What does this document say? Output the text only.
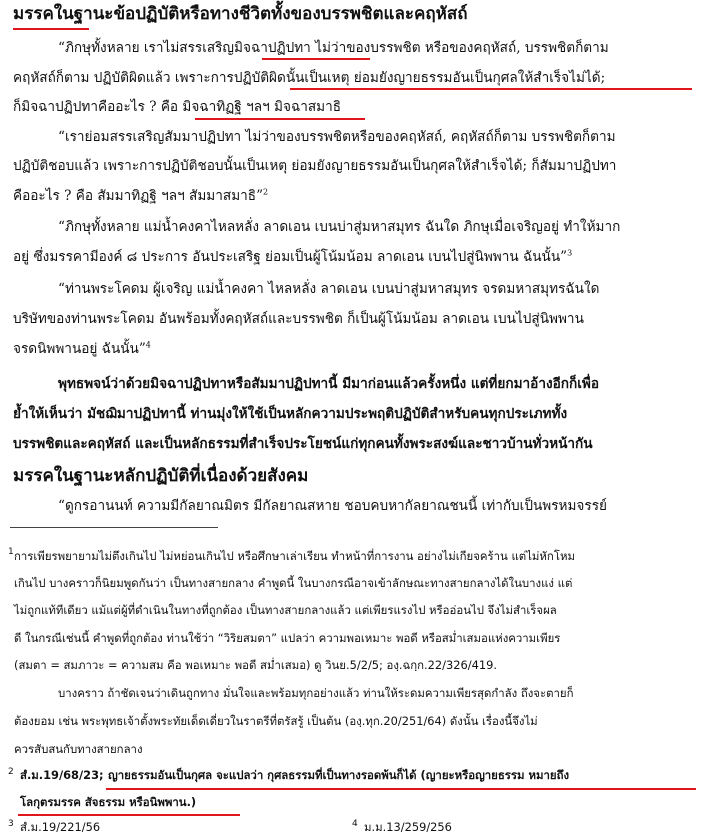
มรรคในฐานะข้อปฏิบัติหรือทางชีวิตทั้งของบรรพชิตและคฤหัสถ์
“ภิกษุทั้งหลาย เราไม่สรรเสริญมิจฉาปฏิปทา ไม่ว่าของบรรพชิต หรือของคฤหัสถ์, บรรพชิตก็ตาม
คฤหัสถ์ก็ตาม ปฏิบัติผิดแล้ว เพราะการปฏิบัติผิดนั้นเป็นเหตุ ย่อมยังญายธรรมอันเป็นกุศลให้สำเร็จไม่ได้;
ก็มิจฉาปฏิปทาคืออะไร ? คือ มิจฉาทิฏฐิ ฯลฯ มิจฉาสมาธิ
“เราย่อมสรรเสริญสัมมาปฏิปทา ไม่ว่าของบรรพชิตหรือของคฤหัสถ์, คฤหัสถ์ก็ตาม บรรพชิตก็ตาม
ปฏิบัติชอบแล้ว เพราะการปฏิบัติชอบนั้นเป็นเหตุ ย่อมยังญายธรรมอันเป็นกุศลให้สำเร็จได้; ก็สัมมาปฏิปทา
คืออะไร ? คือ สัมมาทิฏฐิ ฯลฯ สัมมาสมาธิ”$^2$
“ภิกษุทั้งหลาย แม่น้ำคงคาไหลหลั่ง ลาดเอน เบนบ่าสู่มหาสมุทร ฉันใด ภิกษุเมื่อเจริญอยู่ ทำให้มาก
อยู่ ซึ่งมรรคามีองค์ ๘ ประการ อันประเสริฐ ย่อมเป็นผู้โน้มน้อม ลาดเอน เบนไปสู่นิพพาน ฉันนั้น”$^3$
“ท่านพระโคดม ผู้เจริญ แม่น้ำคงคา ไหลหลั่ง ลาดเอน เบนบ่าสู่มหาสมุทร จรดมหาสมุทรฉันใด
บริษัทของท่านพระโคดม อันพร้อมทั้งคฤหัสถ์และบรรพชิต ก็เป็นผู้โน้มน้อม ลาดเอน เบนไปสู่นิพพาน
จรดนิพพานอยู่ ฉันนั้น”$^4$
พุทธพจน์ว่าด้วยมิจฉาปฏิปทาหรือสัมมาปฏิปทานี้ มีมาก่อนแล้วครั้งหนึ่ง แต่ที่ยกมาอ้างอีกก็เพื่อ
ย้ำให้เห็นว่า มัชฌิมาปฏิปทานี้ ท่านมุ่งให้ใช้เป็นหลักความประพฤติปฏิบัติสำหรับคนทุกประเภททั้ง
บรรพชิตและคฤหัสถ์ และเป็นหลักธรรมที่สำเร็จประโยชน์แก่ทุกคนทั้งพระสงฆ์และชาวบ้านทั่วหน้ากัน
มรรคในฐานะหลักปฏิบัติที่เนื่องด้วยสังคม
“ดูกรอานนท์ ความมีกัลยาณมิตร มีกัลยาณสหาย ชอบคบหากัลยาณชนนี้ เท่ากับเป็นพรหมจรรย์
1 การเพียรพยายามไม่ตึงเกินไป ไม่หย่อนเกินไป หรือศึกษาเล่าเรียน ทำหน้าที่การงาน อย่างไม่เกียจคร้าน แต่ไม่หักโหม
เกินไป บางคราวก็นิยมพูดกันว่า เป็นทางสายกลาง คำพูดนี้ ในบางกรณีอาจเข้าลักษณะทางสายกลางได้ในบางแง่ แต่
ไม่ถูกแท้ทีเดียว แม้แต่ผู้ที่ดำเนินในทางที่ถูกต้อง เป็นทางสายกลางแล้ว แต่เพียรแรงไป หรืออ่อนไป จึงไม่สำเร็จผล
ดี ในกรณีเช่นนี้ คำพูดที่ถูกต้อง ท่านใช้ว่า “วิริยสมตา” แปลว่า ความพอเหมาะ พอดี หรือสม่ำเสมอแห่งความเพียร
(สมตา = สมภาวะ = ความสม คือ พอเหมาะ พอดี สม่ำเสมอ) ดู วินย.5/2/5; องฺ.ฉกฺก.22/326/419.
บางคราว ถ้าชัดเจนว่าเดินถูกทาง มั่นใจและพร้อมทุกอย่างแล้ว ท่านให้ระดมความเพียรสุดกำลัง ถึงจะตายก็
ต้องยอม เช่น พระพุทธเจ้าตั้งพระทัยเด็ดเดี่ยวในราตรีที่ตรัสรู้ เป็นต้น (องฺ.ทุก.20/251/64) ดังนั้น เรื่องนี้จึงไม่
ควรสับสนกับทางสายกลาง
2 สํ.ม.19/68/23; ญายธรรมอันเป็นกุศล จะแปลว่า กุศลธรรมที่เป็นทางรอดพ้นก็ได้ (ญายะหรือญายธรรม หมายถึง
โลกุตรมรรค สัจธรรม หรือนิพพาน.)
3 สํ.ม.19/221/56	4 ม.ม.13/259/256
